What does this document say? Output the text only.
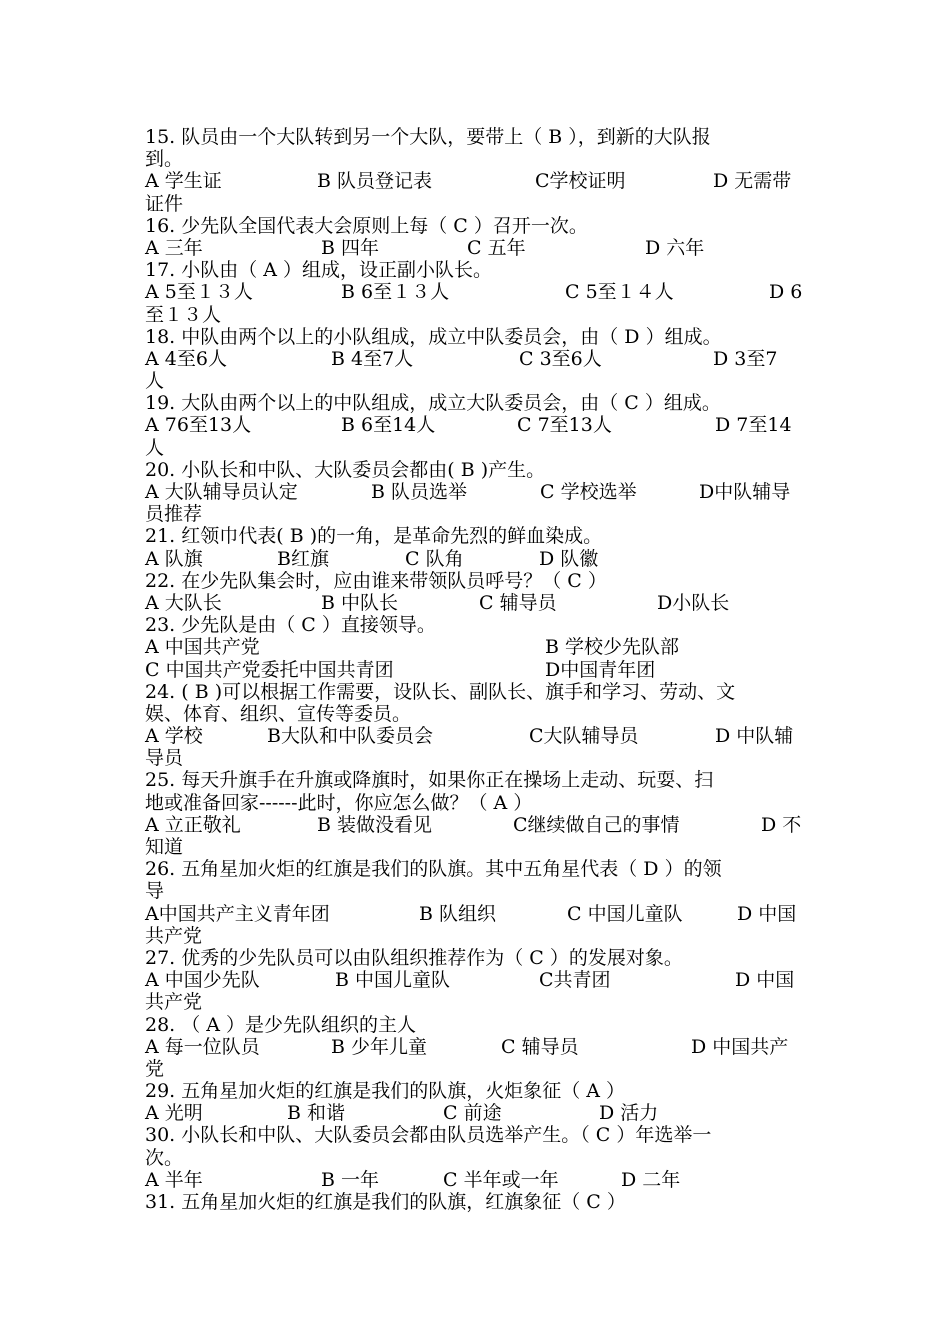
15. 队员由一个大队转到另一个大队，要带上（ B ），到新的大队报
到。
A 学生证	B 队员登记表	C学校证明	D 无需带
证件
16. 少先队全国代表大会原则上每（ C ）召开一次。
A 三年	B 四年	C 五年	D 六年
17. 小队由（ A ）组成，设正副小队长。
A 5至１３人	B 6至１３人	C 5至１４人	D 6
至１３人
18. 中队由两个以上的小队组成，成立中队委员会，由（ D ）组成。
A 4至6人	B 4至7人	C 3至6人	D 3至7
人
19. 大队由两个以上的中队组成，成立大队委员会，由（ C ）组成。
A 76至13人	B 6至14人	C 7至13人	D 7至14
人
20. 小队长和中队、大队委员会都由( B )产生。
A 大队辅导员认定	B 队员选举	C 学校选举	D中队辅导
员推荐
21. 红领巾代表( B )的一角，是革命先烈的鲜血染成。
A 队旗	B红旗	C 队角	D 队徽
22. 在少先队集会时，应由谁来带领队员呼号？（ C ）
A 大队长	B 中队长	C 辅导员	D小队长
23. 少先队是由（ C ）直接领导。
A 中国共产党	B 学校少先队部
C 中国共产党委托中国共青团	D中国青年团
24. ( B )可以根据工作需要，设队长、副队长、旗手和学习、劳动、文
娱、体育、组织、宣传等委员。
A 学校	B大队和中队委员会	C大队辅导员	D 中队辅
导员
25. 每天升旗手在升旗或降旗时，如果你正在操场上走动、玩耍、扫
地或准备回家------此时，你应怎么做？（ A ）
A 立正敬礼	B 装做没看见	C继续做自己的事情	D 不
知道
26. 五角星加火炬的红旗是我们的队旗。其中五角星代表（ D ）的领
导
A中国共产主义青年团	B 队组织	C 中国儿童队	D 中国
共产党
27. 优秀的少先队员可以由队组织推荐作为（ C ）的发展对象。
A 中国少先队	B 中国儿童队	C共青团	D 中国
共产党
28. （ A ）是少先队组织的主人
A 每一位队员	B 少年儿童	C 辅导员	D 中国共产
党
29. 五角星加火炬的红旗是我们的队旗，火炬象征（ A ）
A 光明	B 和谐	C 前途	D 活力
30. 小队长和中队、大队委员会都由队员选举产生。（ C ）年选举一
次。
A 半年	B 一年	C 半年或一年	D 二年
31. 五角星加火炬的红旗是我们的队旗，红旗象征（ C ）
